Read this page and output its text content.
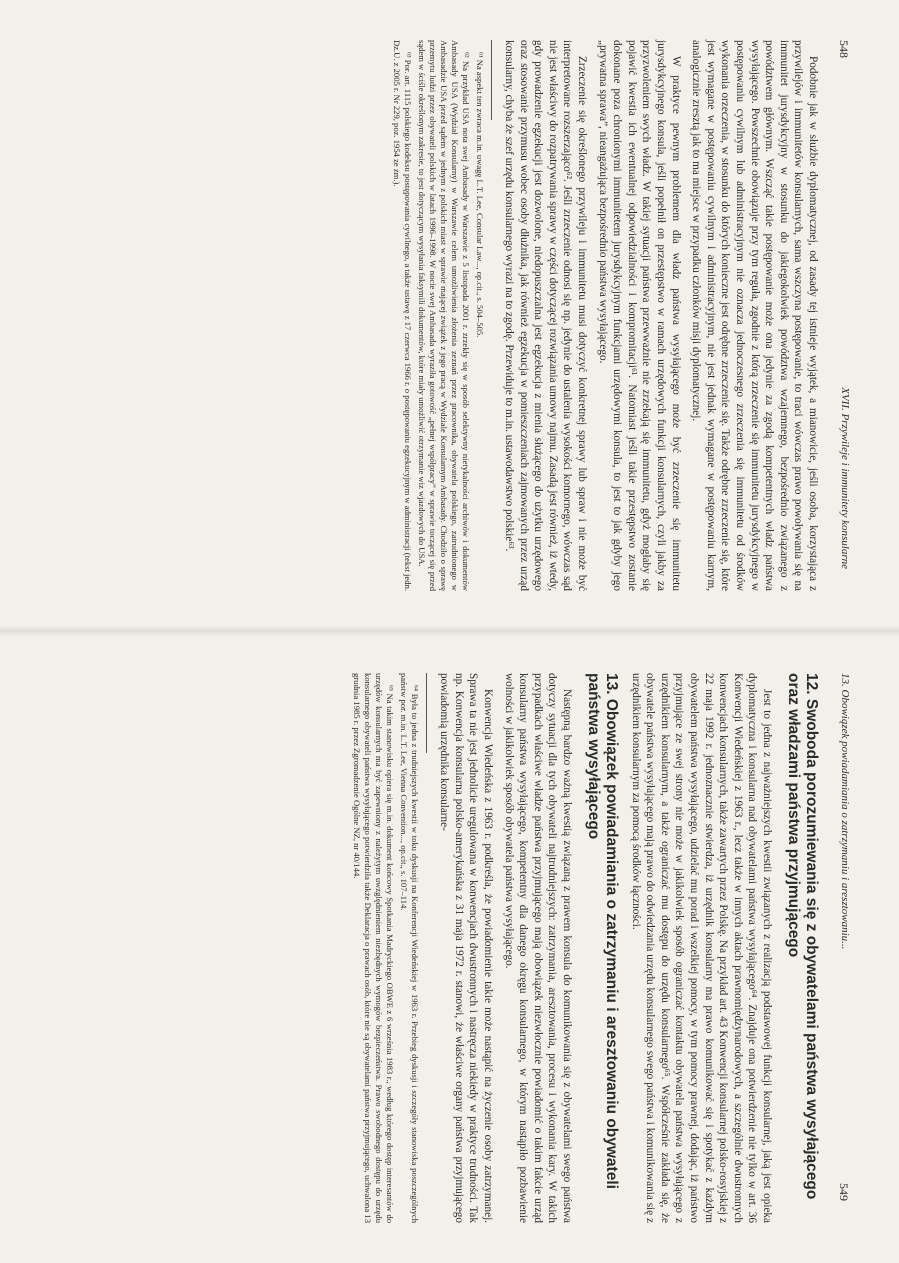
548
XVII. Przywileje i immunitety konsularne

Podobnie jak w służbie dyplomatycznej, od zasady tej istnieje wyjątek, a mianowicie, jeśli osoba, korzystająca z przywilejów i immunitetów konsularnych, sama wszczyna postępowanie, to traci wówczas prawo powoływania się na immunitet jurysdykcyjny w stosunku do jakiegokolwiek powództwa wzajemnego, bezpośrednio związanego z powództwem głównym. Wszcząć takie postępowanie może ona jedynie za zgodą kompetentnych władz państwa wysyłającego. Powszechnie obowiązuje przy tym reguła, zgodnie z którą zrzeczenie się immunitetu jurysdykcyjnego w postępowaniu cywilnym lub administracyjnym nie oznacza jednoczesnego zrzeczenia się immunitetu od środków wykonania orzeczenia, w stosunku do których konieczne jest odrębne zrzeczenie się. Także odrębne zrzeczenie się, które jest wymagane w postępowaniu cywilnym i administracyjnym, nie jest jednak wymagane w postępowaniu karnym, analogicznie zresztą jak to ma miejsce w przypadku członków misji dyplomatycznej.

W praktyce pewnym problemem dla władz państwa wysyłającego może być zrzeczenie się immunitetu jurysdykcyjnego konsula, jeśli popełnił on przestępstwo w ramach urzędowych funkcji konsularnych, czyli jakby za przyzwoleniem swych władz. W takiej sytuacji państwa przewważnie nie zrzekają się immunitetu, gdyż mogłaby się pojawić kwestia ich ewentualnej odpowiedzialności i kompromitacji⁶¹. Natomiast jeśli takie przestępstwo zostanie dokonane poza chronionymi immunitetem jurysdykcyjnym funkcjami urzędowymi konsula, to jest to jak gdyby jego „prywatna sprawa”, nieangażująca bezpośrednio państwa wysyłającego.

Zrzeczenie się określonego przywileju i immunitetu musi dotyczyć konkretnej sprawy lub spraw i nie może być interpretowane rozszerzająco⁶². Jeśli zrzeczenie odnosi się np. jedynie do ustalenia wysokości komornego, wówczas sąd nie jest właściwy do rozpatrywania sprawy w części dotyczącej rozwiązania umowy najmu. Zasadą jest również, iż wtedy, gdy prowadzenie egzekucji jest dozwolone, niedopuszczalna jest egzekucja z mienia służącego do użytku urzędowego oraz stosowanie przymusu wobec osoby dłużnika, jak również egzekucja w pomieszczeniach zajmowanych przez urząd konsularny, chyba że szef urzędu konsularnego wyrazi na to zgodę. Przewiduje to m.in. ustawodawstwo polskie⁶³.

⁶¹ Na aspekt ten zwraca m.in. uwagę L.T. Lee, Consular Law..., op.cit., s. 504–505.

⁶² Na przykład USA nota swej Ambasady w Warszawie z 5 listopada 2001 r. zrzekły się w sposób selektywny nietykalności archiwów i dokumentów Ambasady USA (Wydział Konsularny) w Warszawie celem umożliwienia złożenia zeznań przez pracownika, obywatela polskiego, zatrudnionego w Ambasadzie USA przed sądem w jednym z polskich miast w sprawie mającej związek z jego pracą w Wydziale Konsularnym Ambasady. Chodziło o sprawę przemytu ludzi przez obywateli polskich w latach 1996–1998. W nocie swej Ambasada wyraziła gotowość „pełnej współpracy” w sprawie toczącej się przed sądem w ściśle określonym zakresie, to jest dotyczącym wysyłania faksymili dokumentów, które miały umożliwić otrzymanie wiz wjazdowych do USA.

⁶³ Por. art. 1115 polskiego kodeksu postępowania cywilnego, a także ustawę z 17 czerwca 1966 r. o postępowaniu egzekucyjnym w administracji (tekst jedn. Dz.U. z 2005 r. Nr 229, poz. 1954 ze zm.).

13. Obowiązek powiadamiania o zatrzymaniu i aresztowaniu...
549
12. Swoboda porozumiewania się z obywatelami państwa wysyłającego oraz władzami państwa przyjmującego

Jest to jedna z najważniejszych kwestii związanych z realizacją podstawowej funkcji konsularnej, jaką jest opieka dyplomatyczna i konsularna nad obywatelami państwa wysyłającego⁶⁴. Znajduje ona potwierdzenie nie tylko w art. 36 Konwencji Wiedeńskiej z 1963 r., lecz także w innych aktach prawnomiędzynarodowych, a szczególnie dwustronnych konwencjach konsularnych, także zawartych przez Polskę. Na przykład art. 43 Konwencji konsularnej polsko-rosyjskiej z 22 maja 1992 r. jednoznacznie stwierdza, iż urzędnik konsularny ma prawo komunikować się i spotykać z każdym obywatelem państwa wysyłającego, udzielać mu porad i wszelkiej pomocy, w tym pomocy prawnej, dodając, iż państwo przyjmujące ze swej strony nie może w jakikolwiek sposób ograniczać kontaktu obywatela państwa wysyłającego z urzędnikiem konsularnym, a także ograniczać mu dostępu do urzędu konsularnego⁶⁵. Współcześnie zakłada się, że obywatele państwa wysyłającego mają prawo do odwiedzania urzędu konsularnego swego państwa i komunikowania się z urzędnikiem konsularnym za pomocą środków łączności.

13. Obowiązek powiadamiania o zatrzymaniu i aresztowaniu obywateli państwa wysyłającego

Następną bardzo ważną kwestią związaną z prawem konsula do komunikowania się z obywatelami swego państwa dotyczy sytuacji dla tych obywateli najtrudniejszych: zatrzymania, aresztowania, procesu i wykonania kary. W takich przypadkach właściwe władze państwa przyjmującego mają obowiązek niezwłocznie powiadomić o takim fakcie urząd konsularny państwa wysyłającego, kompetentny dla danego okręgu konsularnego, w którym nastąpiło pozbawienie wolności w jakikolwiek sposób obywatela państwa wysyłającego.

Konwencja Wiedeńska z 1963 r. podkreśla, że powiadomienie takie może nastąpić na życzenie osoby zatrzymanej. Sprawa ta nie jest jednolicie uregulowana w konwencjach dwustronnych i nastręcza niekiedy w praktyce trudności. Tak np. Konwencja konsularna polsko-amerykańska z 31 maja 1972 r. stanowi, że właściwe organy państwa przyjmującego powiadomią urzędnika konsularne-

⁶⁴ Była to jedna z trudniejszych kwestii w toku dyskusji na Konferencji Wiedeńskiej w 1963 r. Przebieg dyskusji i szczegóły stanowiska poszczególnych państw por. m.in. L.T. Lee, Vienna Convention..., op.cit., s. 107–114.

⁶⁵ Na takim stanowisku opiera się m.in. dokument końcowy Spotkania Madryckiego OBWE z 6 września 1983 r., według którego dostęp interesantów do urzędów konsularnych ma być zapewniony z należytym uwzględnieniem niezbędnych wymogów bezpieczeństwa. Prawo swobodnego dostępu do urzędu konsularnego obywateli państwa wysyłającego potwierdziła także Deklaracja o prawach osób, które nie są obywatelami państwa przyjmującego, uchwalona 13 grudnia 1985 r. przez Zgromadzenie Ogólne NZ, nr 40/144.
